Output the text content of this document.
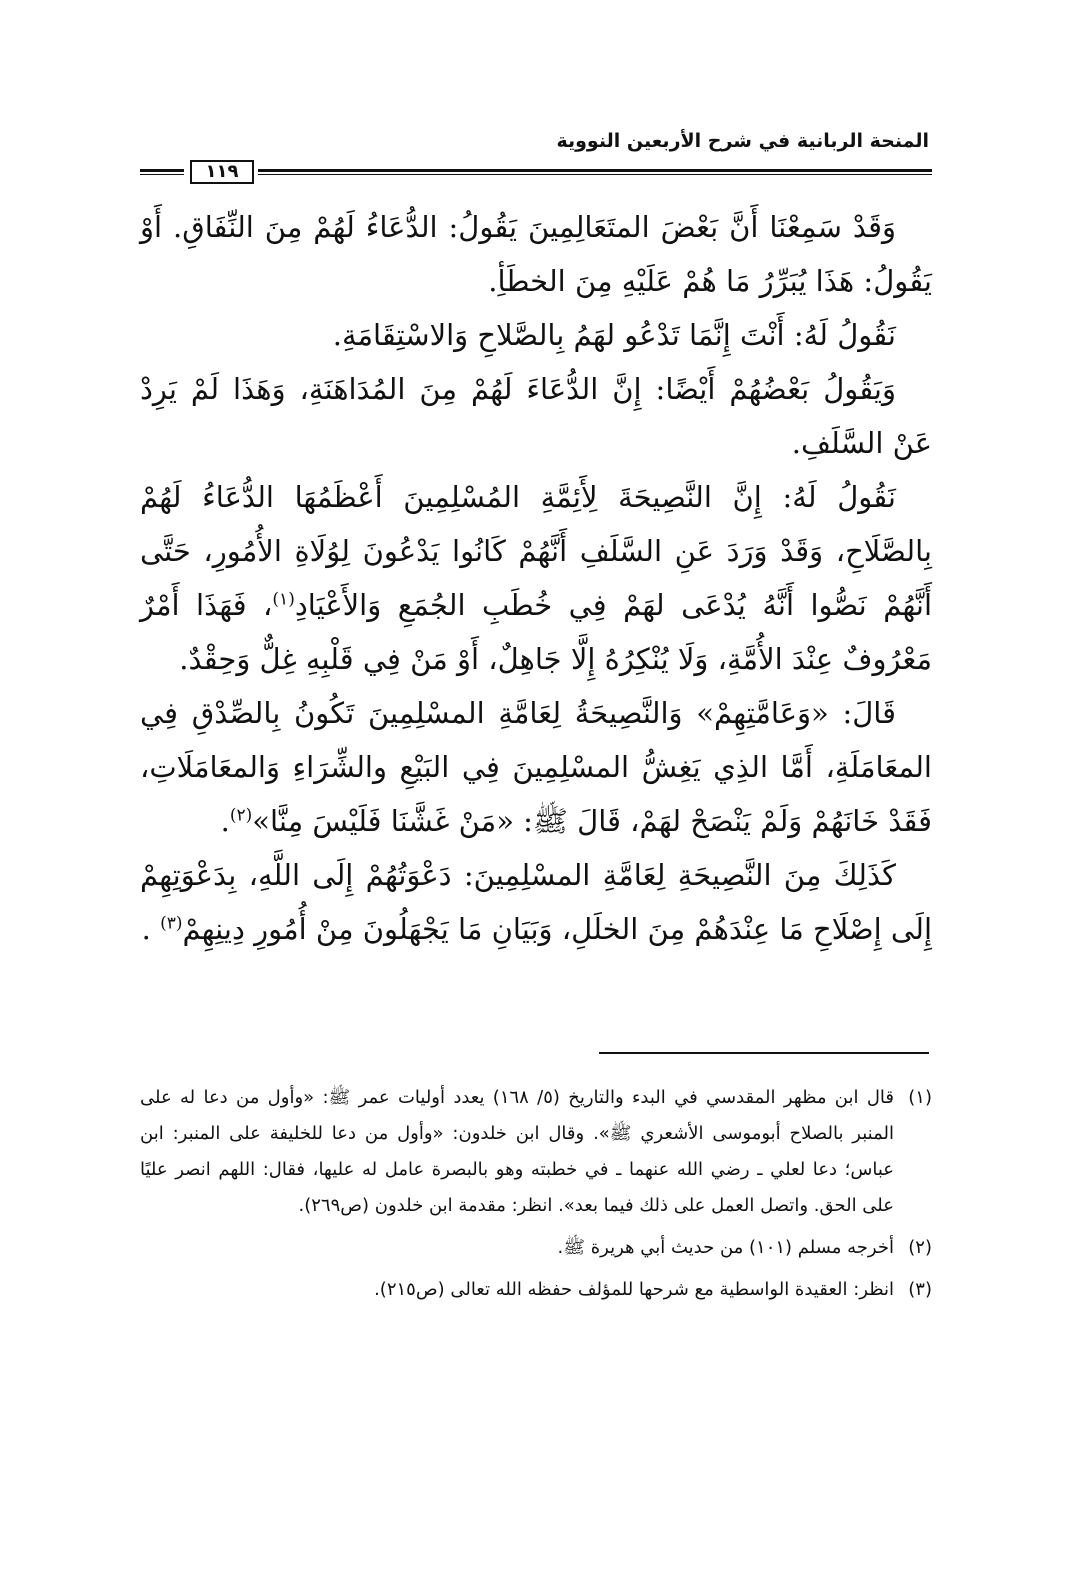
المنحة الربانية في شرح الأربعين النووية
١١٩

وَقَدْ سَمِعْنَا أَنَّ بَعْضَ المتَعَالِمِينَ يَقُولُ: الدُّعَاءُ لَهُمْ مِنَ النِّفَاقِ. أَوْ يَقُولُ: هَذَا يُبَرِّرُ مَا هُمْ عَلَيْهِ مِنَ الخطَأِ.

نَقُولُ لَهُ: أَنْتَ إِنَّمَا تَدْعُو لهَمُ بِالصَّلاحِ وَالاسْتِقَامَةِ.

وَيَقُولُ بَعْضُهُمْ أَيْضًا: إِنَّ الدُّعَاءَ لَهُمْ مِنَ المُدَاهَنَةِ، وَهَذَا لَمْ يَرِدْ عَنْ السَّلَفِ.

نَقُولُ لَهُ: إِنَّ النَّصِيحَةَ لِأَئِمَّةِ المُسْلِمِينَ أَعْظَمُهَا الدُّعَاءُ لَهُمْ بِالصَّلَاحِ، وَقَدْ وَرَدَ عَنِ السَّلَفِ أَنَّهُمْ كَانُوا يَدْعُونَ لِوُلَاةِ الأُمُورِ، حَتَّى أَنَّهُمْ نَصُّوا أَنَّهُ يُدْعَى لهَمْ فِي خُطَبِ الجُمَعِ وَالأَعْيَادِ$^{(١)}$، فَهَذَا أَمْرٌ مَعْرُوفٌ عِنْدَ الأُمَّةِ، وَلَا يُنْكِرُهُ إِلَّا جَاهِلٌ، أَوْ مَنْ فِي قَلْبِهِ غِلٌّ وَحِقْدٌ.

قَالَ: «وَعَامَّتِهِمْ» وَالنَّصِيحَةُ لِعَامَّةِ المسْلِمِينَ تَكُونُ بِالصِّدْقِ فِي المعَامَلَةِ، أَمَّا الذِي يَغِشُّ المسْلِمِينَ فِي البَيْعِ والشِّرَاءِ وَالمعَامَلَاتِ، فَقَدْ خَانَهُمْ وَلَمْ يَنْصَحْ لهَمْ، قَالَ ﷺ: «مَنْ غَشَّنَا فَلَيْسَ مِنَّا»$^{(٢)}$.

كَذَلِكَ مِنَ النَّصِيحَةِ لِعَامَّةِ المسْلِمِينَ: دَعْوَتُهُمْ إِلَى اللَّهِ، بِدَعْوَتِهِمْ إِلَى إِصْلَاحِ مَا عِنْدَهُمْ مِنَ الخلَلِ، وَبَيَانِ مَا يَجْهَلُونَ مِنْ أُمُورِ دِينِهِمْ$^{(٣)}$ .

(١)
قال ابن مظهر المقدسي في البدء والتاريخ (٥/ ١٦٨) يعدد أوليات عمر ﷺ: «وأول من دعا له على المنبر بالصلاح أبوموسى الأشعري ﷺ». وقال ابن خلدون: «وأول من دعا للخليفة على المنبر: ابن عباس؛ دعا لعلي ـ رضي الله عنهما ـ في خطبته وهو بالبصرة عامل له عليها، فقال: اللهم انصر عليًا على الحق. واتصل العمل على ذلك فيما بعد». انظر: مقدمة ابن خلدون (ص٢٦٩).
(٢)
أخرجه مسلم (١٠١) من حديث أبي هريرة ﷺ.
(٣)
انظر: العقيدة الواسطية مع شرحها للمؤلف حفظه الله تعالى (ص٢١٥).
